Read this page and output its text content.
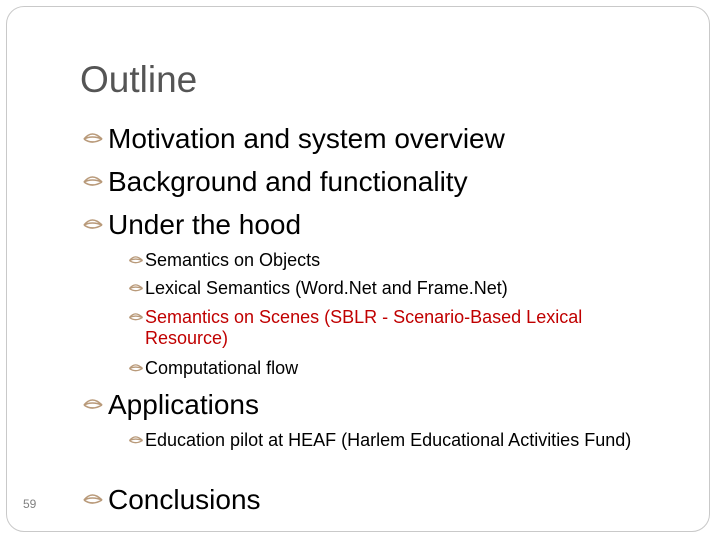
Outline
Motivation and system overview
Background and functionality
Under the hood
Semantics on Objects
Lexical Semantics (Word.Net and Frame.Net)
Semantics on Scenes (SBLR - Scenario-Based Lexical Resource)
Computational flow
Applications
Education pilot at HEAF (Harlem Educational Activities Fund)
Conclusions
59
